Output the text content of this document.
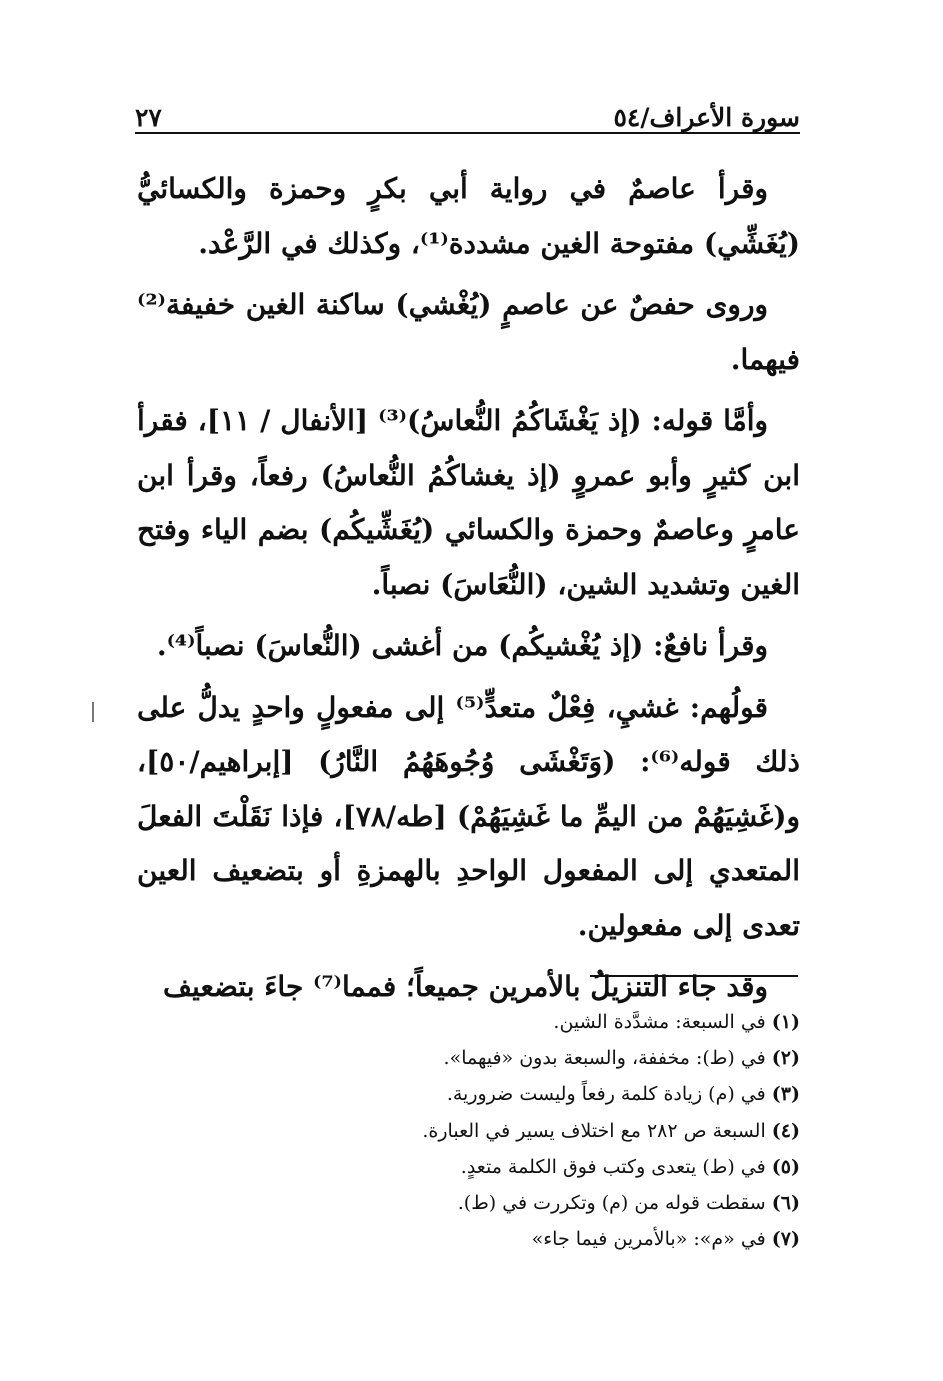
سورة الأعراف/٥٤
٢٧

وقرأ عاصمٌ في رواية أبي بكرٍ وحمزة والكسائيُّ (يُغَشِّي) مفتوحة الغين مشددة⁽¹⁾، وكذلك في الرَّعْد.

وروى حفصٌ عن عاصمٍ (يُغْشي) ساكنة الغين خفيفة⁽²⁾ فيهما.

وأمَّا قوله: (إذ يَغْشَاكُمُ النُّعاسُ)⁽³⁾ [الأنفال / ١١]، فقرأ ابن كثيرٍ وأبو عمروٍ (إذ يغشاكُمُ النُّعاسُ) رفعاً، وقرأ ابن عامرٍ وعاصمٌ وحمزة والكسائي (يُغَشِّيكُم) بضم الياء وفتح الغين وتشديد الشين، (النُّعَاسَ) نصباً.

وقرأ نافعٌ: (إذ يُغْشيكُم) من أغشى (النُّعاسَ) نصباً⁽⁴⁾.

قولُهم: غشيِ، فِعْلٌ متعدٍّ⁽⁵⁾ إلى مفعولٍ واحدٍ يدلُّ على ذلك قوله⁽⁶⁾: (وَتَغْشَى وُجُوهَهُمُ النَّارُ) [إبراهيم/٥٠]، و(غَشِيَهُمْ من اليمِّ ما غَشِيَهُمْ) [طه/٧٨]، فإذا نَقَلْتَ الفعلَ المتعدي إلى المفعول الواحدِ بالهمزةِ أو بتضعيف العين تعدى إلى مفعولين.

وقد جاء التنزيلُ بالأمرين جميعاً؛ فمما⁽⁷⁾ جاءَ بتضعيف

(١) في السبعة: مشدَّدة الشين.
(٢) في (ط): مخففة، والسبعة بدون «فيهما».
(٣) في (م) زيادة كلمة رفعاً وليست ضرورية.
(٤) السبعة ص ٢٨٢ مع اختلاف يسير في العبارة.
(٥) في (ط) يتعدى وكتب فوق الكلمة متعدٍ.
(٦) سقطت قوله من (م) وتكررت في (ط).
(٧) في «م»: «بالأمرين فيما جاء»
